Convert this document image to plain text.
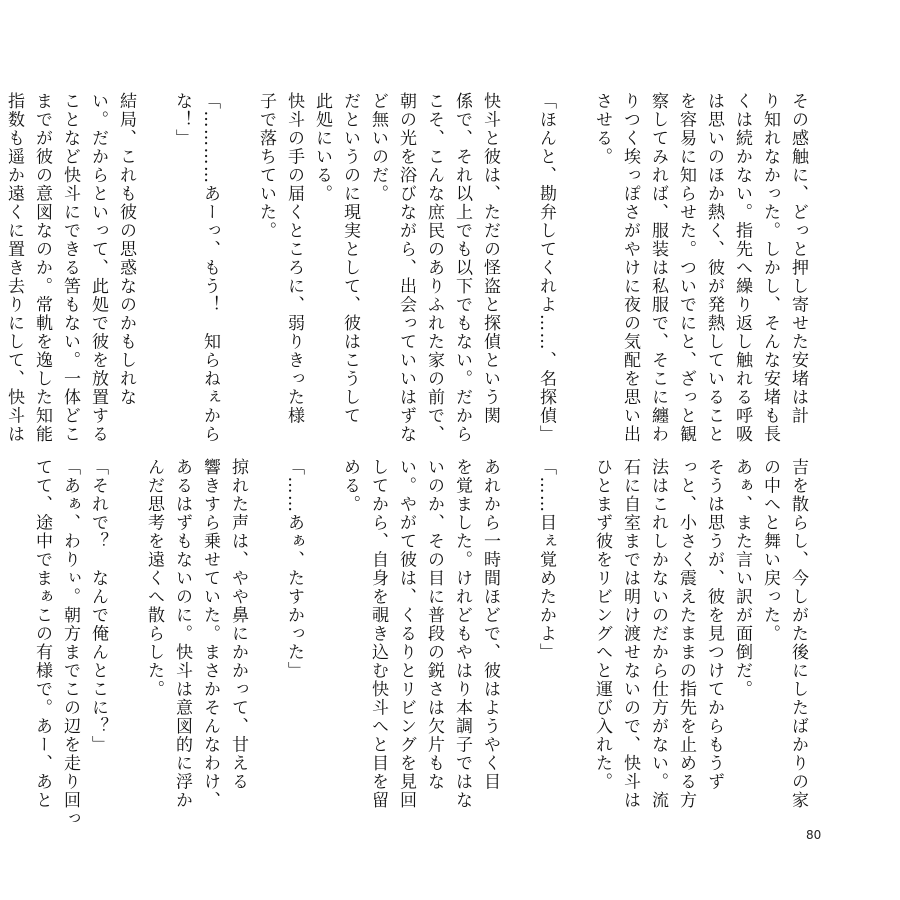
その感触に、どっと押し寄せた安堵は計
り知れなかった。しかし、そんな安堵も長
くは続かない。指先へ繰り返し触れる呼吸
は思いのほか熱く、彼が発熱していること
を容易に知らせた。ついでにと、ざっと観
察してみれば、服装は私服で、そこに纏わ
りつく埃っぽさがやけに夜の気配を思い出
させる。

「ほんと、勘弁してくれよ……、名探偵」

快斗と彼は、ただの怪盗と探偵という関
係で、それ以上でも以下でもない。だから
こそ、こんな庶民のありふれた家の前で、
朝の光を浴びながら、出会っていいはずな
ど無いのだ。
だというのに現実として、彼はこうして
此処にいる。
快斗の手の届くところに、弱りきった様
子で落ちていた。

「…………あーっ、もう！　知らねぇから
な！」

結局、これも彼の思惑なのかもしれな
い。だからといって、此処で彼を放置する
ことなど快斗にできる筈もない。一体どこ
までが彼の意図なのか。常軌を逸した知能
指数も遥か遠くに置き去りにして、快斗は
吉を散らし、今しがた後にしたばかりの家
の中へと舞い戻った。
あぁ、また言い訳が面倒だ。
そうは思うが、彼を見つけてからもうず
っと、小さく震えたままの指先を止める方
法はこれしかないのだから仕方がない。流
石に自室までは明け渡せないので、快斗は
ひとまず彼をリビングへと運び入れた。

「……目ぇ覚めたかよ」

あれから一時間ほどで、彼はようやく目
を覚ました。けれどもやはり本調子ではな
いのか、その目に普段の鋭さは欠片もな
い。やがて彼は、くるりとリビングを見回
してから、自身を覗き込む快斗へと目を留
める。

「……あぁ、たすかった」

掠れた声は、やや鼻にかかって、甘える
響きすら乗せていた。まさかそんなわけ、
あるはずもないのに。快斗は意図的に浮か
んだ思考を遠くへ散らした。

「それで？　なんで俺んとこに？」
「あぁ、わりぃ。朝方までこの辺を走り回っ
てて、途中でまぁこの有様で。あー、あと
80
